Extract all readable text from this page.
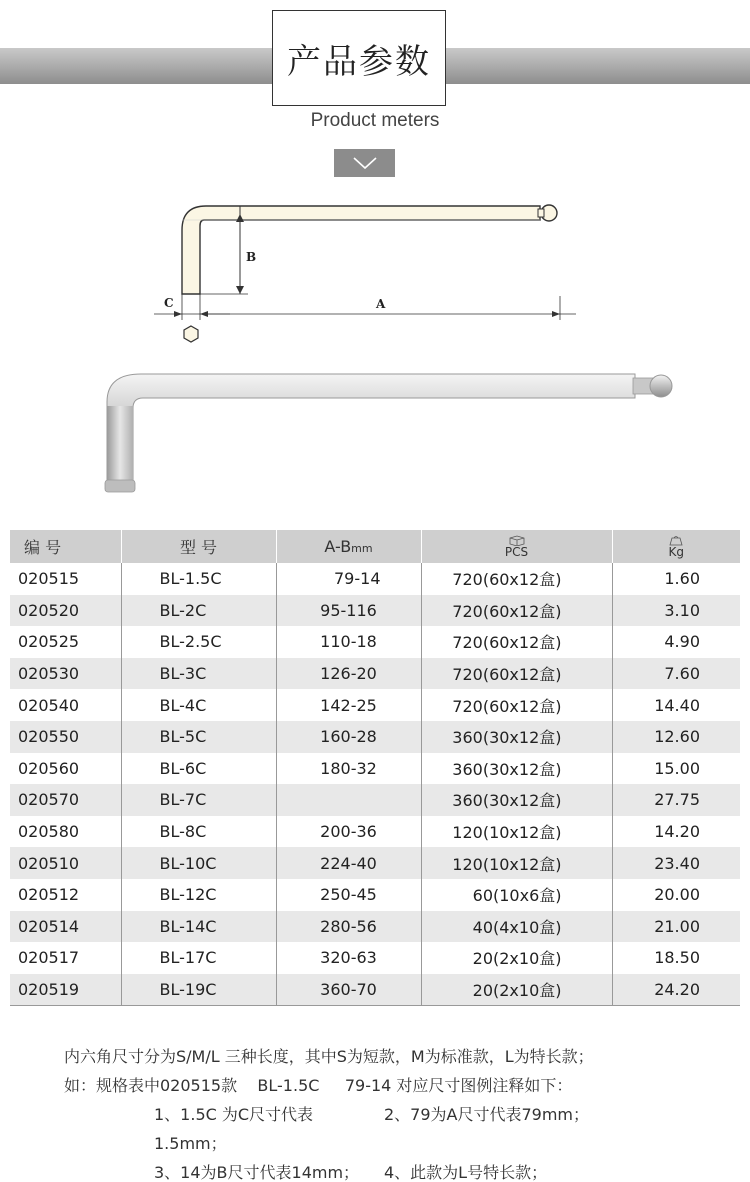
产品参数
Product meters
B
C	A
编 号	型 号	A-Bmm	PCS	Kg

020515	BL-1.5C	79-14	720(60x12盒)	1.60
020520	BL-2C	95-116	720(60x12盒)	3.10
020525	BL-2.5C	110-18	720(60x12盒)	4.90
020530	BL-3C	126-20	720(60x12盒)	7.60
020540	BL-4C	142-25	720(60x12盒)	14.40
020550	BL-5C	160-28	360(30x12盒)	12.60
020560	BL-6C	180-32	360(30x12盒)	15.00
020570	BL-7C		360(30x12盒)	27.75
020580	BL-8C	200-36	120(10x12盒)	14.20
020510	BL-10C	224-40	120(10x12盒)	23.40
020512	BL-12C	250-45	60(10x6盒)	20.00
020514	BL-14C	280-56	40(4x10盒)	21.00
020517	BL-17C	320-63	20(2x10盒)	18.50
020519	BL-19C	360-70	20(2x10盒)	24.20
内六角尺寸分为S/M/L 三种长度，其中S为短款，M为标准款，L为特长款；
如：规格表中020515款    BL-1.5C     79-14 对应尺寸图例注释如下：
1、1.5C 为C尺寸代表1.5mm；
2、79为A尺寸代表79mm；
3、14为B尺寸代表14mm；	4、此款为L号特长款；
